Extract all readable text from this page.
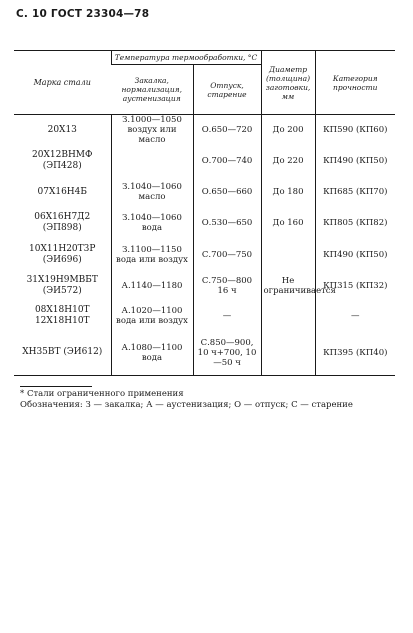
С. 10 ГОСТ 23304—78
Марка стали	Температура термообработки, °С		Диаметр (толщина) заготовки, мм	Категория прочности
	Закалка, нормализация, аустенизация	Отпуск, старение		
20Х13	З.1000—1050 воздух или масло	О.650—720	До 200	КП590 (КП60)
20Х12ВНМФ (ЭП428)		О.700—740	До 220	КП490 (КП50)
07Х16Н4Б	З.1040—1060 масло	О.650—660	До 180	КП685 (КП70)
06Х16Н7Д2 (ЭП898)	З.1040—1060 вода	О.530—650	До 160	КП805 (КП82)
10Х11Н20Т3Р (ЭИ696)	З.1100—1150 вода или воздух	С.700—750		КП490 (КП50)
31Х19Н9МВБТ (ЭИ572)	А.1140—1180	С.750—800 16 ч	Не ограничивается	КП315 (КП32)
08Х18Н10Т 12Х18Н10Т	А.1020—1100 вода или воздух	—		—
ХН35ВТ (ЭИ612)	А.1080—1100 вода	С.850—900, 10 ч+700, 10—50 ч		КП395 (КП40)
* Стали ограниченного применения
Обозначения: З — закалка; А — аустенизация; О — отпуск; С — старение
